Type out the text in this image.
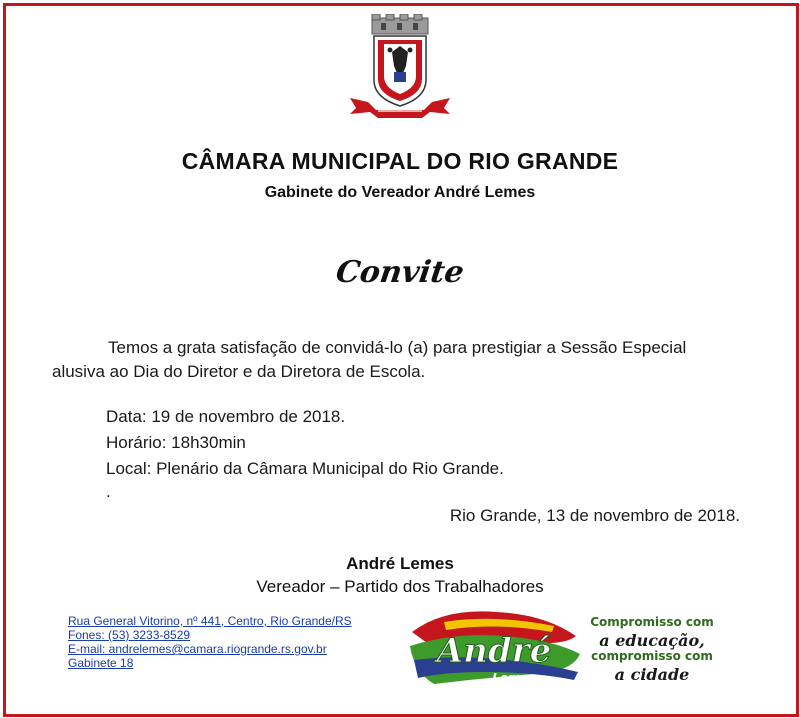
CÂMARA MUNICIPAL DO RIO GRANDE
Gabinete do Vereador André Lemes
Convite
Temos a grata satisfação de convidá-lo (a) para prestigiar a Sessão Especial
alusiva ao Dia do Diretor e da Diretora de Escola.
Data: 19 de novembro de 2018.
Horário: 18h30min
Local: Plenário da Câmara Municipal do Rio Grande.
.
Rio Grande, 13 de novembro de 2018.
André Lemes
Vereador – Partido dos Trabalhadores
Rua General Vitorino, nº 441, Centro, Rio Grande/RS
Fones: (53) 3233-8529
E-mail: andrelemes@camara.riogrande.rs.gov.br
Gabinete 18	André
Lemes
Compromisso com
a educação,
compromisso com
a cidade
